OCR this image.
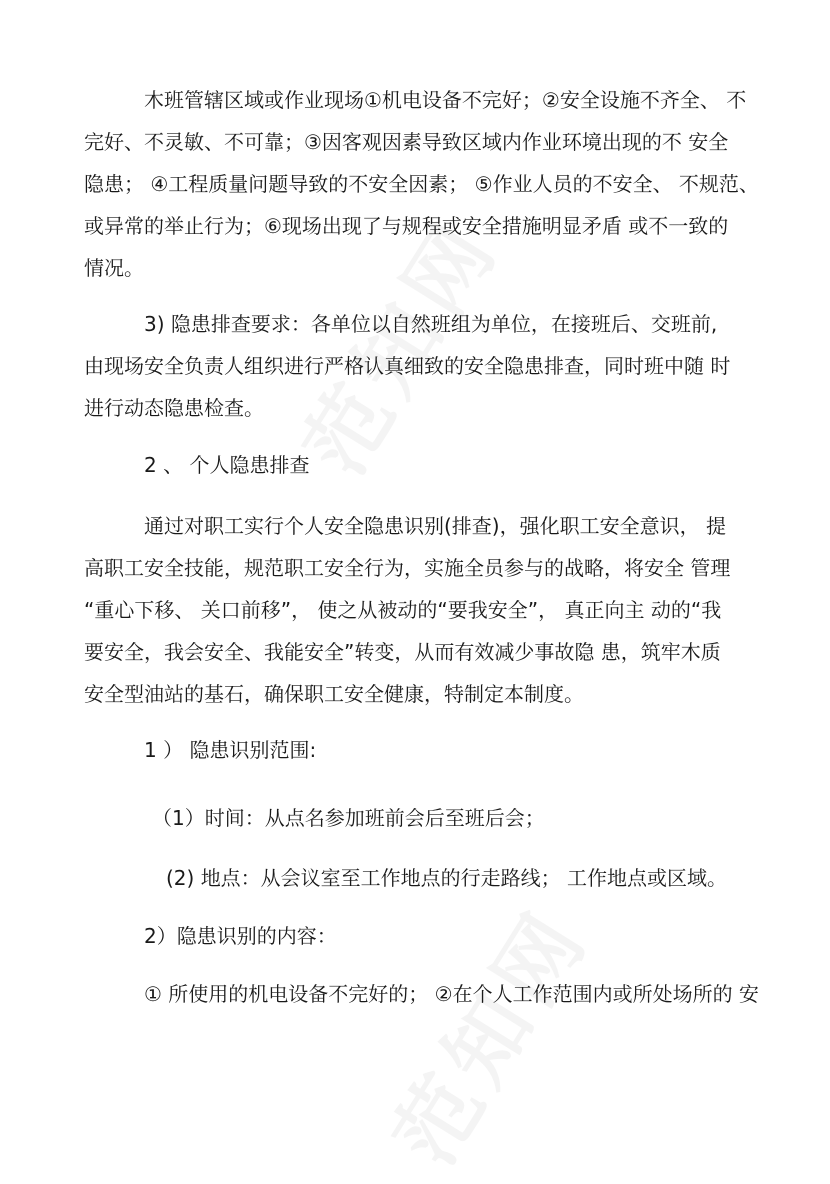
木班管辖区域或作业现场①机电设备不完好；②安全设施不齐全、 不
完好、不灵敏、不可靠；③因客观因素导致区域内作业环境出现的不 安全
隐患； ④工程质量问题导致的不安全因素； ⑤作业人员的不安全、 不规范、
或异常的举止行为；⑥现场出现了与规程或安全措施明显矛盾 或不一致的
情况。
3) 隐患排查要求：各单位以自然班组为单位，在接班后、交班前,
由现场安全负责人组织进行严格认真细致的安全隐患排查，同时班中随 时
进行动态隐患检查。
2 、 个人隐患排查
通过对职工实行个人安全隐患识别(排查)，强化职工安全意识， 提
高职工安全技能，规范职工安全行为，实施全员参与的战略，将安全 管理
“重心下移、 关口前移”， 使之从被动的“要我安全”， 真正向主 动的“我
要安全，我会安全、我能安全”转变，从而有效减少事故隐 患，筑牢木质
安全型油站的基石，确保职工安全健康，特制定本制度。
1 ） 隐患识别范围:
（1）时间：从点名参加班前会后至班后会；
(2) 地点：从会议室至工作地点的行走路线； 工作地点或区域。
2）隐患识别的内容：
① 所使用的机电设备不完好的； ②在个人工作范围内或所处场所的 安
